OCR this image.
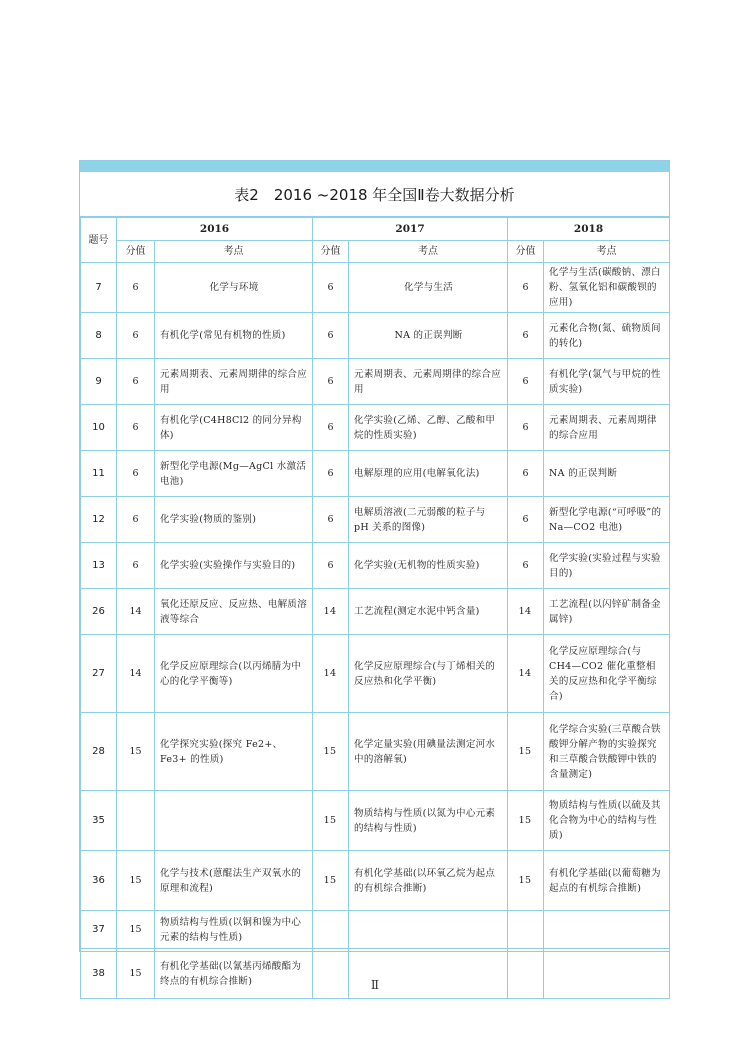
表2　2016 ~2018 年全国Ⅱ卷大数据分析
题号	2016		2017		2018	
	分值	考点	分值	考点	分值	考点
7	6	化学与环境	6	化学与生活	6	化学与生活(碳酸钠、漂白粉、氢氧化铝和碳酸钡的应用)
8	6	有机化学(常见有机物的性质)	6	NA 的正误判断	6	元素化合物(氮、硫物质间的转化)
9	6	元素周期表、元素周期律的综合应用	6	元素周期表、元素周期律的综合应用	6	有机化学(氯气与甲烷的性质实验)
10	6	有机化学(C4H8Cl2 的同分异构体)	6	化学实验(乙烯、乙醇、乙酸和甲烷的性质实验)	6	元素周期表、元素周期律的综合应用
11	6	新型化学电源(Mg—AgCl 水激活电池)	6	电解原理的应用(电解氧化法)	6	NA 的正误判断
12	6	化学实验(物质的鉴别)	6	电解质溶液(二元弱酸的粒子与 pH 关系的图像)	6	新型化学电源(“可呼吸”的 Na—CO2 电池)
13	6	化学实验(实验操作与实验目的)	6	化学实验(无机物的性质实验)	6	化学实验(实验过程与实验目的)
26	14	氧化还原反应、反应热、电解质溶液等综合	14	工艺流程(测定水泥中钙含量)	14	工艺流程(以闪锌矿制备金属锌)
27	14	化学反应原理综合(以丙烯腈为中心的化学平衡等)	14	化学反应原理综合(与丁烯相关的反应热和化学平衡)	14	化学反应原理综合(与 CH4—CO2 催化重整相关的反应热和化学平衡综合)
28	15	化学探究实验(探究 Fe2+、Fe3+ 的性质)	15	化学定量实验(用碘量法测定河水中的溶解氧)	15	化学综合实验(三草酸合铁酸钾分解产物的实验探究和三草酸合铁酸钾中铁的含量测定)
35			15	物质结构与性质(以氮为中心元素的结构与性质)	15	物质结构与性质(以硫及其化合物为中心的结构与性质)
36	15	化学与技术(蒽醌法生产双氧水的原理和流程)	15	有机化学基础(以环氧乙烷为起点的有机综合推断)	15	有机化学基础(以葡萄糖为起点的有机综合推断)
37	15	物质结构与性质(以铜和镍为中心元素的结构与性质)				
38	15	有机化学基础(以氰基丙烯酸酯为终点的有机综合推断)					Ⅱ
